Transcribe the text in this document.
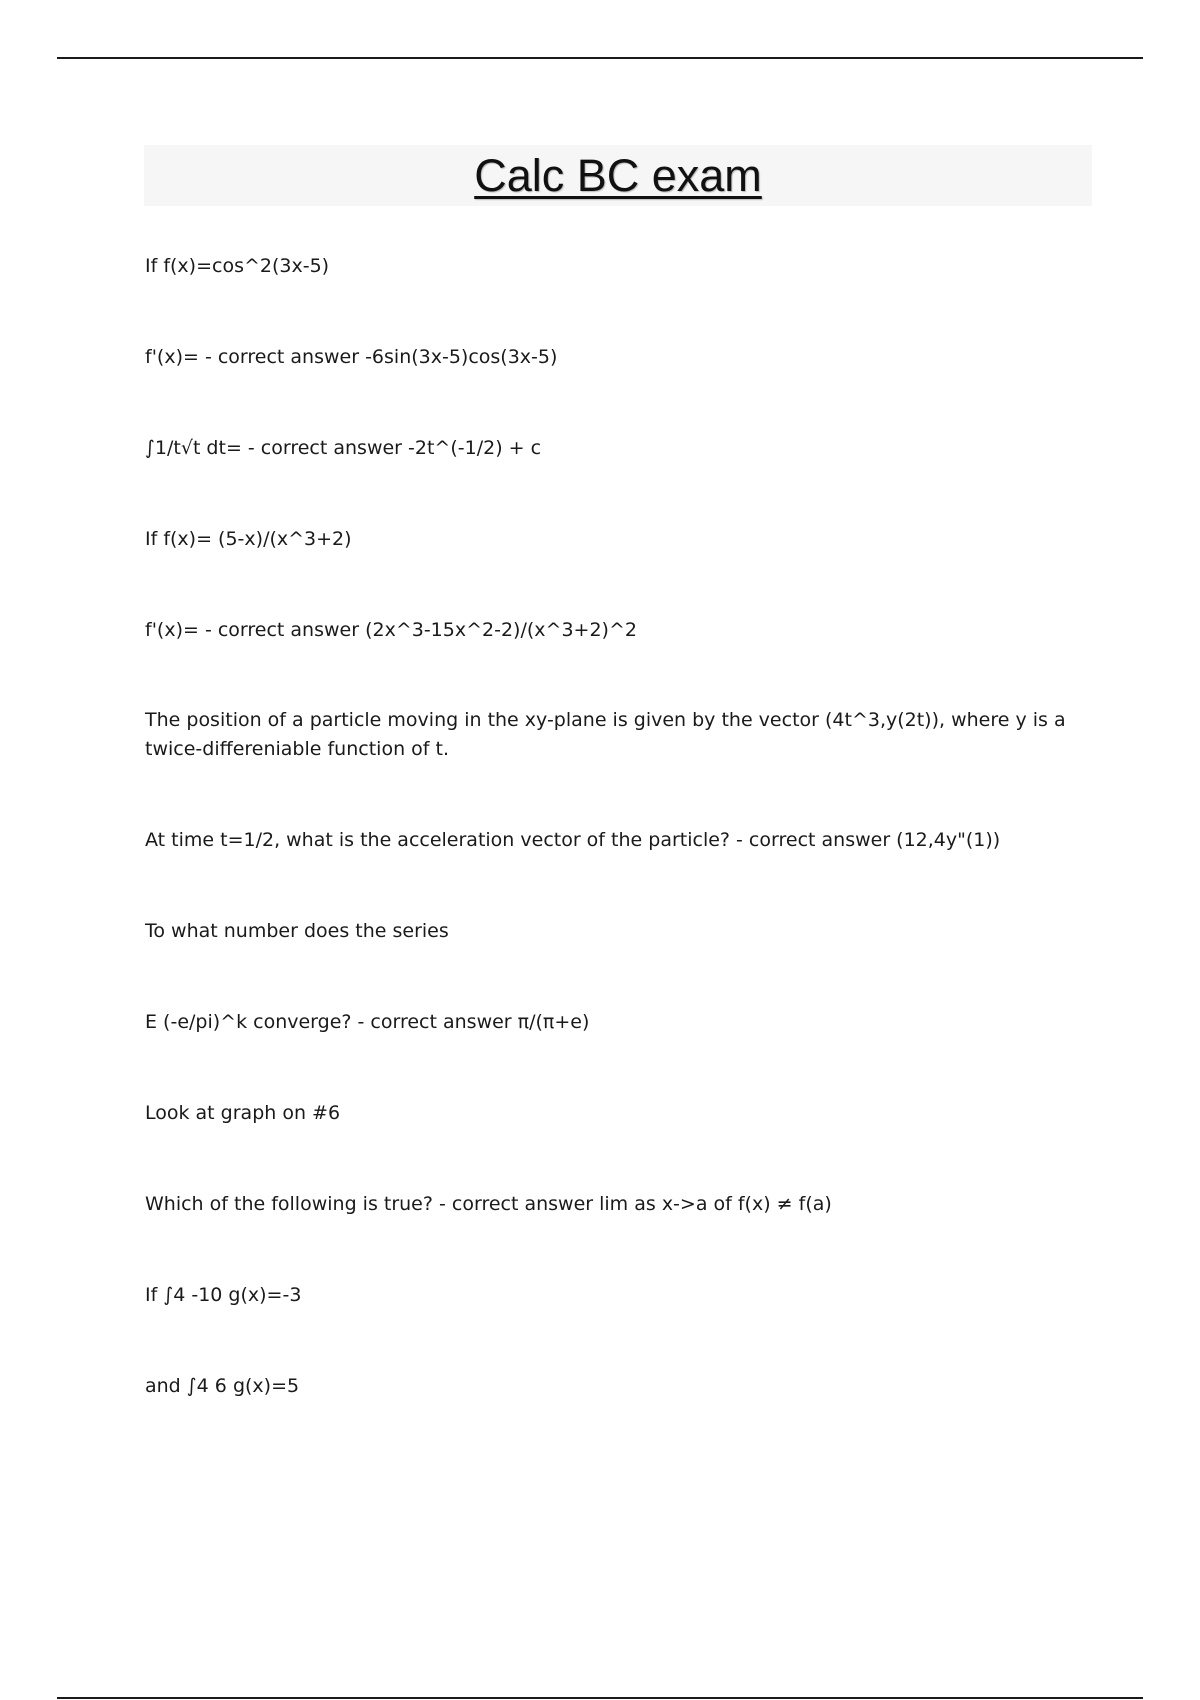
Calc BC exam
If f(x)=cos^2(3x-5)
f'(x)= - correct answer -6sin(3x-5)cos(3x-5)
∫1/t√t dt= - correct answer -2t^(-1/2) + c
If f(x)= (5-x)/(x^3+2)
f'(x)= - correct answer (2x^3-15x^2-2)/(x^3+2)^2
The position of a particle moving in the xy-plane is given by the vector (4t^3,y(2t)), where y is a twice-differeniable function of t.
At time t=1/2, what is the acceleration vector of the particle? - correct answer (12,4y"(1))
To what number does the series
E (-e/pi)^k converge? - correct answer π/(π+e)
Look at graph on #6
Which of the following is true? - correct answer lim as x->a of f(x) ≠ f(a)
If ∫4 -10 g(x)=-3
and ∫4 6 g(x)=5
